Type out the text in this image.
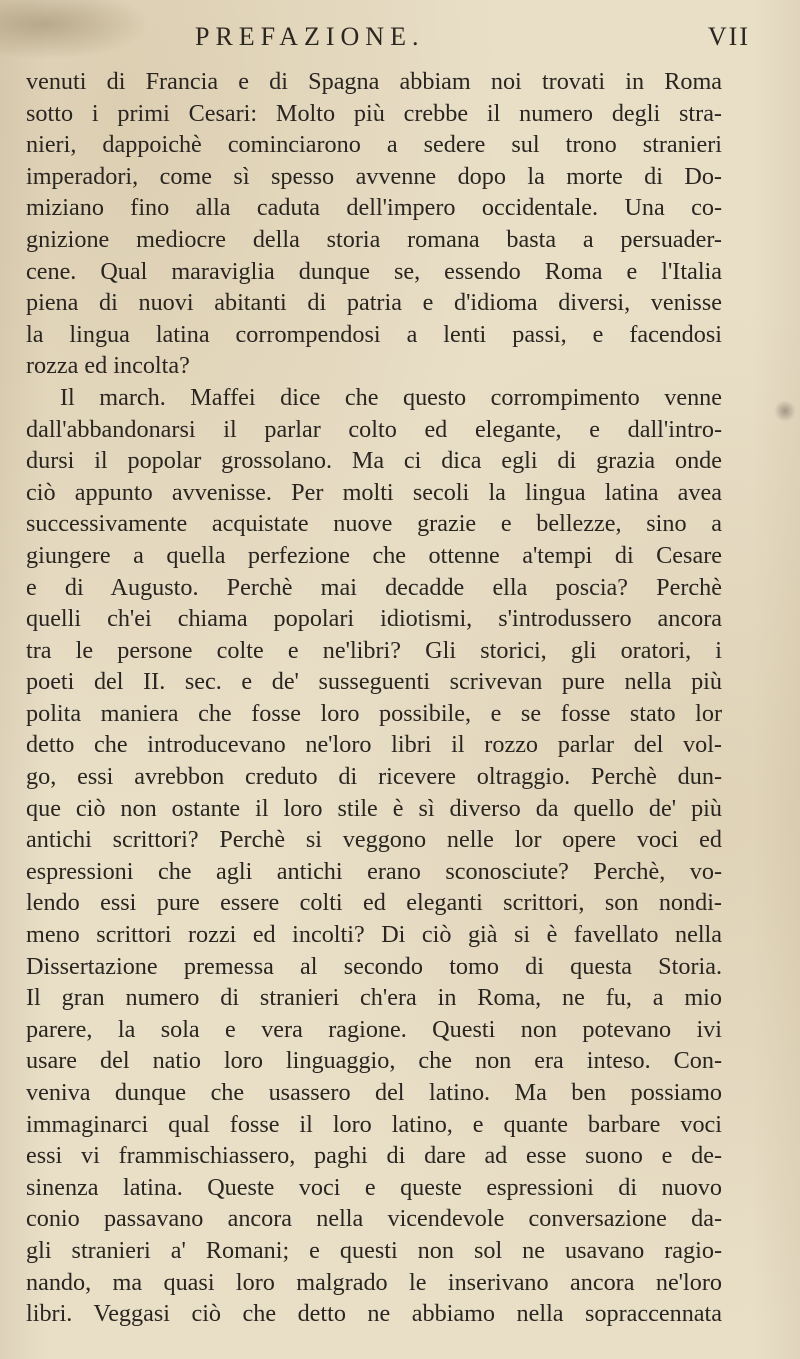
PREFAZIONE.	VII
venuti di Francia e di Spagna abbiam noi trovati in Roma
sotto i primi Cesari: Molto più crebbe il numero degli stra-
nieri, dappoichè cominciarono a sedere sul trono stranieri
imperadori, come sì spesso avvenne dopo la morte di Do-
miziano fino alla caduta dell'impero occidentale. Una co-
gnizione mediocre della storia romana basta a persuader-
cene. Qual maraviglia dunque se, essendo Roma e l'Italia
piena di nuovi abitanti di patria e d'idioma diversi, venisse
la lingua latina corrompendosi a lenti passi, e facendosi
rozza ed incolta?
Il march. Maffei dice che questo corrompimento venne
dall'abbandonarsi il parlar colto ed elegante, e dall'intro-
dursi il popolar grossolano. Ma ci dica egli di grazia onde
ciò appunto avvenisse. Per molti secoli la lingua latina avea
successivamente acquistate nuove grazie e bellezze, sino a
giungere a quella perfezione che ottenne a'tempi di Cesare
e di Augusto. Perchè mai decadde ella poscia? Perchè
quelli ch'ei chiama popolari idiotismi, s'introdussero ancora
tra le persone colte e ne'libri? Gli storici, gli oratori, i
poeti del II. sec. e de' susseguenti scrivevan pure nella più
polita maniera che fosse loro possibile, e se fosse stato lor
detto che introducevano ne'loro libri il rozzo parlar del vol-
go, essi avrebbon creduto di ricevere oltraggio. Perchè dun-
que ciò non ostante il loro stile è sì diverso da quello de' più
antichi scrittori? Perchè si veggono nelle lor opere voci ed
espressioni che agli antichi erano sconosciute? Perchè, vo-
lendo essi pure essere colti ed eleganti scrittori, son nondi-
meno scrittori rozzi ed incolti? Di ciò già si è favellato nella
Dissertazione premessa al secondo tomo di questa Storia.
Il gran numero di stranieri ch'era in Roma, ne fu, a mio
parere, la sola e vera ragione. Questi non potevano ivi
usare del natio loro linguaggio, che non era inteso. Con-
veniva dunque che usassero del latino. Ma ben possiamo
immaginarci qual fosse il loro latino, e quante barbare voci
essi vi frammischiassero, paghi di dare ad esse suono e de-
sinenza latina. Queste voci e queste espressioni di nuovo
conio passavano ancora nella vicendevole conversazione da-
gli stranieri a' Romani; e questi non sol ne usavano ragio-
nando, ma quasi loro malgrado le inserivano ancora ne'loro
libri. Veggasi ciò che detto ne abbiamo nella sopraccennata
